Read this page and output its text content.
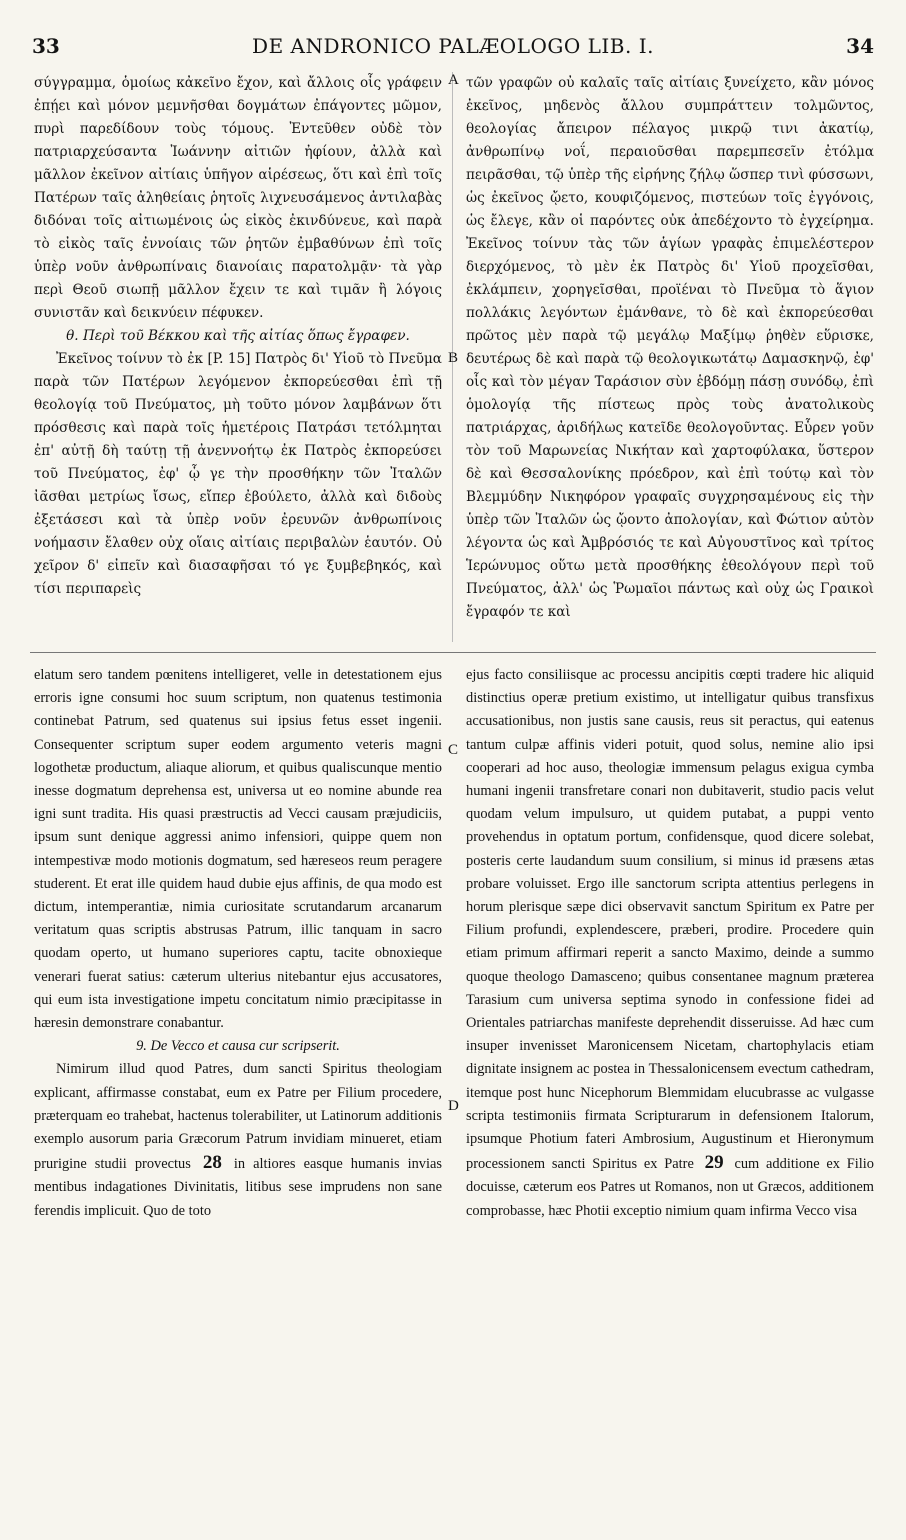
33	DE ANDRONICO PALÆOLOGO LIB. I.	34

σύγγραμμα, ὁμοίως κἀκεῖνο ἔχον, καὶ ἄλλοις οἷς γράφειν ἐπῄει καὶ μόνον μεμνῆσθαι δογμάτων ἐπάγοντες μῶμον, πυρὶ παρεδίδουν τοὺς τόμους. Ἐντεῦθεν οὐδὲ τὸν πατριαρχεύσαντα Ἰωάννην αἰτιῶν ἠφίουν, ἀλλὰ καὶ μᾶλλον ἐκεῖνον αἰτίαις ὑπῆγον αἱρέσεως, ὅτι καὶ ἐπὶ τοῖς Πατέρων ταῖς ἀληθείαις ῥητοῖς λιχνευσάμενος ἀντιλαβὰς διδόναι τοῖς αἰτιωμένοις ὡς εἰκὸς ἐκινδύνευε, καὶ παρὰ τὸ εἰκὸς ταῖς ἐννοίαις τῶν ῥητῶν ἐμβαθύνων ἐπὶ τοῖς ὑπὲρ νοῦν ἀνθρωπίναις διανοίαις παρατολμᾷν· τὰ γὰρ περὶ Θεοῦ σιωπῇ μᾶλλον ἔχειν τε καὶ τιμᾶν ἢ λόγοις συνιστᾶν καὶ δεικνύειν πέφυκεν.

θ. Περὶ τοῦ Βέκκου καὶ τῆς αἰτίας ὅπως ἔγραφεν.

Ἐκεῖνος τοίνυν τὸ ἐκ [P. 15] Πατρὸς δι' Υἱοῦ τὸ Πνεῦμα παρὰ τῶν Πατέρων λεγόμενον ἐκπορεύεσθαι ἐπὶ τῇ θεολογίᾳ τοῦ Πνεύματος, μὴ τοῦτο μόνον λαμβάνων ὅτι πρόσθεσις καὶ παρὰ τοῖς ἡμετέροις Πατράσι τετόλμηται ἐπ' αὐτῇ δὴ ταύτῃ τῇ ἀνεννοήτῳ ἐκ Πατρὸς ἐκπορεύσει τοῦ Πνεύματος, ἐφ' ᾧ γε τὴν προσθήκην τῶν Ἰταλῶν ἰᾶσθαι μετρίως ἴσως, εἴπερ ἐβούλετο, ἀλλὰ καὶ διδοὺς ἐξετάσεσι καὶ τὰ ὑπὲρ νοῦν ἐρευνῶν ἀνθρωπίνοις νοήμασιν ἔλαθεν οὐχ οἵαις αἰτίαις περιβαλὼν ἑαυτόν. Οὐ χεῖρον δ' εἰπεῖν καὶ διασαφῆσαι τό γε ξυμβεβηκός, καὶ τίσι περιπαρεὶς

τῶν γραφῶν οὐ καλαῖς ταῖς αἰτίαις ξυνείχετο, κἂν μόνος ἐκεῖνος, μηδενὸς ἄλλου συμπράττειν τολμῶντος, θεολογίας ἄπειρον πέλαγος μικρῷ τινι ἀκατίῳ, ἀνθρωπίνῳ νοΐ, περαιοῦσθαι παρεμπεσεῖν ἐτόλμα πειρᾶσθαι, τῷ ὑπὲρ τῆς εἰρήνης ζήλῳ ὥσπερ τινὶ φύσσωνι, ὡς ἐκεῖνος ᾤετο, κουφιζόμενος, πιστεύων τοῖς ἐγγόνοις, ὡς ἔλεγε, κἂν οἱ παρόντες οὐκ ἀπεδέχοντο τὸ ἐγχείρημα. Ἐκεῖνος τοίνυν τὰς τῶν ἁγίων γραφὰς ἐπιμελέστερον διερχόμενος, τὸ μὲν ἐκ Πατρὸς δι' Υἱοῦ προχεῖσθαι, ἐκλάμπειν, χορηγεῖσθαι, προϊέναι τὸ Πνεῦμα τὸ ἅγιον πολλάκις λεγόντων ἐμάνθανε, τὸ δὲ καὶ ἐκπορεύεσθαι πρῶτος μὲν παρὰ τῷ μεγάλῳ Μαξίμῳ ῥηθὲν εὕρισκε, δευτέρως δὲ καὶ παρὰ τῷ θεολογικωτάτῳ Δαμασκηνῷ, ἐφ' οἷς καὶ τὸν μέγαν Ταράσιον σὺν ἑβδόμῃ πάσῃ συνόδῳ, ἐπὶ ὁμολογίᾳ τῆς πίστεως πρὸς τοὺς ἀνατολικοὺς πατριάρχας, ἀριδήλως κατεῖδε θεολογοῦντας. Εὗρεν γοῦν τὸν τοῦ Μαρωνείας Νικήταν καὶ χαρτοφύλακα, ὕστερον δὲ καὶ Θεσσαλονίκης πρόεδρον, καὶ ἐπὶ τούτῳ καὶ τὸν Βλεμμύδην Νικηφόρον γραφαῖς συγχρησαμένους εἰς τὴν ὑπὲρ τῶν Ἰταλῶν ὡς ᾤοντο ἀπολογίαν, καὶ Φώτιον αὐτὸν λέγοντα ὡς καὶ Ἀμβρόσιός τε καὶ Αὐγουστῖνος καὶ τρίτος Ἱερώνυμος οὕτω μετὰ προσθήκης ἐθεολόγουν περὶ τοῦ Πνεύματος, ἀλλ' ὡς Ῥωμαῖοι πάντως καὶ οὐχ ὡς Γραικοὶ ἔγραφόν τε καὶ

elatum sero tandem pœnitens intelligeret, velle in detestationem ejus erroris igne consumi hoc suum scriptum, non quatenus testimonia continebat Patrum, sed quatenus sui ipsius fetus esset ingenii. Consequenter scriptum super eodem argumento veteris magni logothetæ productum, aliaque aliorum, et quibus qualiscunque mentio inesse dogmatum deprehensa est, universa ut eo nomine abunde rea igni sunt tradita. His quasi præstructis ad Vecci causam præjudiciis, ipsum sunt denique aggressi animo infensiori, quippe quem non intempestivæ modo motionis dogmatum, sed hæreseos reum peragere studerent. Et erat ille quidem haud dubie ejus affinis, de qua modo est dictum, intemperantiæ, nimia curiositate scrutandarum arcanarum veritatum quas scriptis abstrusas Patrum, illic tanquam in sacro quodam operto, ut humano superiores captu, tacite obnoxieque venerari fuerat satius: cæterum ulterius nitebantur ejus accusatores, qui eum ista investigatione impetu concitatum nimio præcipitasse in hæresin demonstrare conabantur.

9. De Vecco et causa cur scripserit.

Nimirum illud quod Patres, dum sancti Spiritus theologiam explicant, affirmasse constabat, eum ex Patre per Filium procedere, præterquam eo trahebat, hactenus tolerabiliter, ut Latinorum additionis exemplo ausorum paria Græcorum Patrum invidiam minueret, etiam prurigine studii provectus 28 in altiores easque humanis invias mentibus indagationes Divinitatis, litibus sese imprudens non sane ferendis implicuit. Quo de toto

ejus facto consiliisque ac processu ancipitis cœpti tradere hic aliquid distinctius operæ pretium existimo, ut intelligatur quibus transfixus accusationibus, non justis sane causis, reus sit peractus, qui eatenus tantum culpæ affinis videri potuit, quod solus, nemine alio ipsi cooperari ad hoc auso, theologiæ immensum pelagus exigua cymba humani ingenii transfretare conari non dubitaverit, studio pacis velut quodam velum impulsuro, ut quidem putabat, a puppi vento provehendus in optatum portum, confidensque, quod dicere solebat, posteris certe laudandum suum consilium, si minus id præsens ætas probare voluisset. Ergo ille sanctorum scripta attentius perlegens in horum plerisque sæpe dici observavit sanctum Spiritum ex Patre per Filium profundi, explendescere, præberi, prodire. Procedere quin etiam primum affirmari reperit a sancto Maximo, deinde a summo quoque theologo Damasceno; quibus consentanee magnum præterea Tarasium cum universa septima synodo in confessione fidei ad Orientales patriarchas manifeste deprehendit disseruisse. Ad hæc cum insuper invenisset Maronicensem Nicetam, chartophylacis etiam dignitate insignem ac postea in Thessalonicensem evectum cathedram, itemque post hunc Nicephorum Blemmidam elucubrasse ac vulgasse scripta testimoniis firmata Scripturarum in defensionem Italorum, ipsumque Photium fateri Ambrosium, Augustinum et Hieronymum processionem sancti Spiritus ex Patre 29 cum additione ex Filio docuisse, cæterum eos Patres ut Romanos, non ut Græcos, additionem comprobasse, hæc Photii exceptio nimium quam infirma Vecco visa

A
B
C
D
